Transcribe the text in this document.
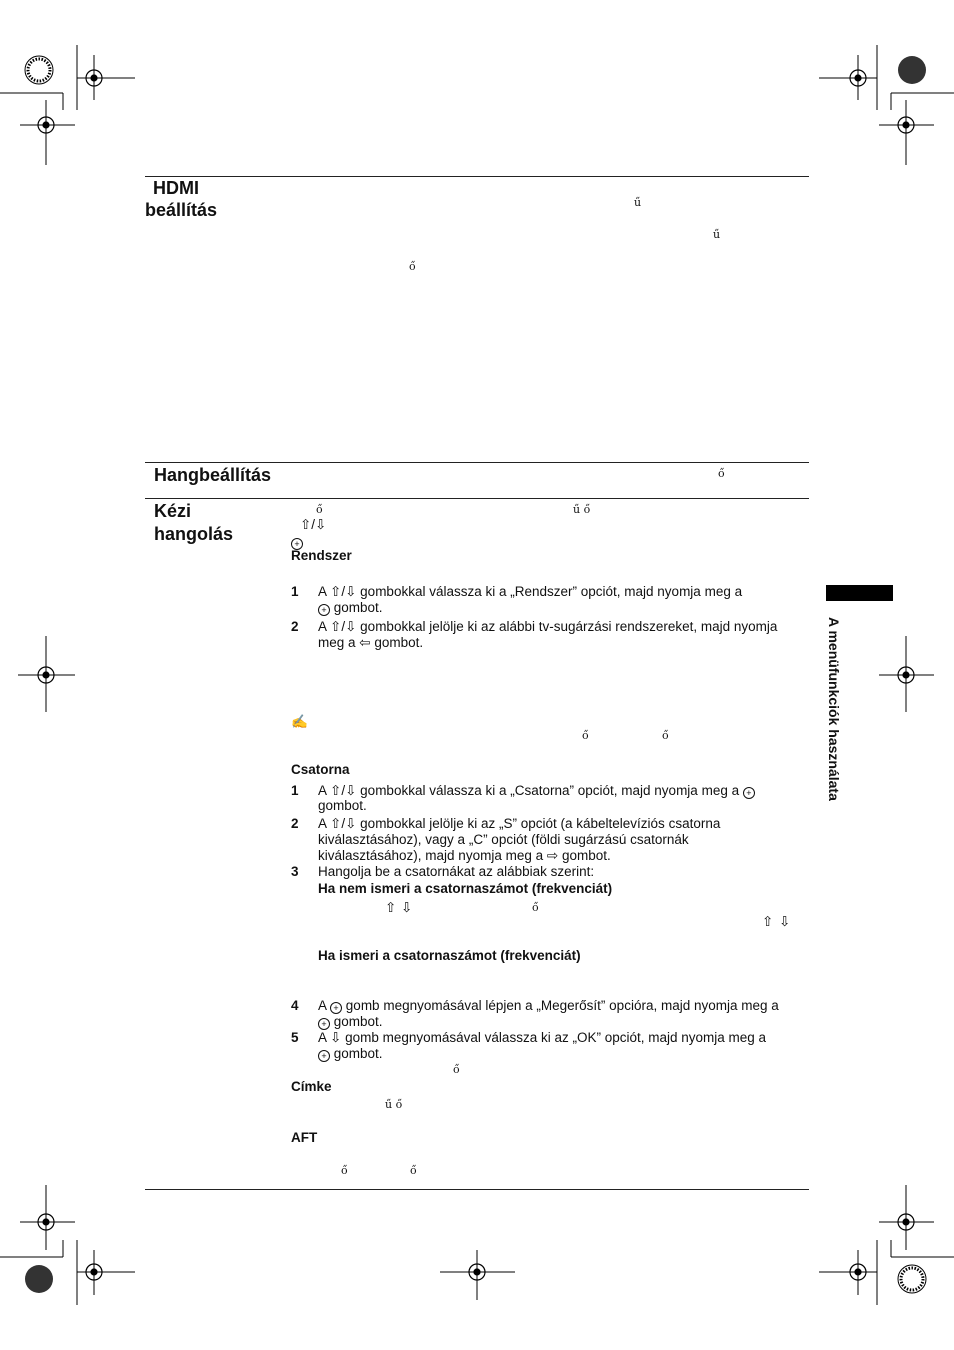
HDMI
beállítás
Hangbeállítás
Kézi
hangolás
ű
ű
ő
ő
ő	ű ő
ő	ő
ő
ő
ű ő
ő	ő
⇧/⇩
+
Rendszer
1 A ⇧/⇩ gombokkal válassza ki a „Rendszer” opciót, majd nyomja meg a
+ gombot.
2 A ⇧/⇩ gombokkal jelölje ki az alábbi tv-sugárzási rendszereket, majd nyomja
meg a ⇦ gombot.
✍
Csatorna
1 A ⇧/⇩ gombokkal válassza ki a „Csatorna” opciót, majd nyomja meg a +
gombot.
2 A ⇧/⇩ gombokkal jelölje ki az „S” opciót (a kábeltelevíziós csatorna
kiválasztásához), vagy a „C” opciót (földi sugárzású csatornák
kiválasztásához), majd nyomja meg a ⇨ gombot.
3 Hangolja be a csatornákat az alábbiak szerint:
Ha nem ismeri a csatornaszámot (frekvenciát)
⇧ ⇩
⇧ ⇩
Ha ismeri a csatornaszámot (frekvenciát)
4 A + gomb megnyomásával lépjen a „Megerősít” opcióra, majd nyomja meg a
+ gombot.
5 A ⇩ gomb megnyomásával válassza ki az „OK” opciót, majd nyomja meg a
+ gombot.
Címke
AFT
A menüfunkciók használata
